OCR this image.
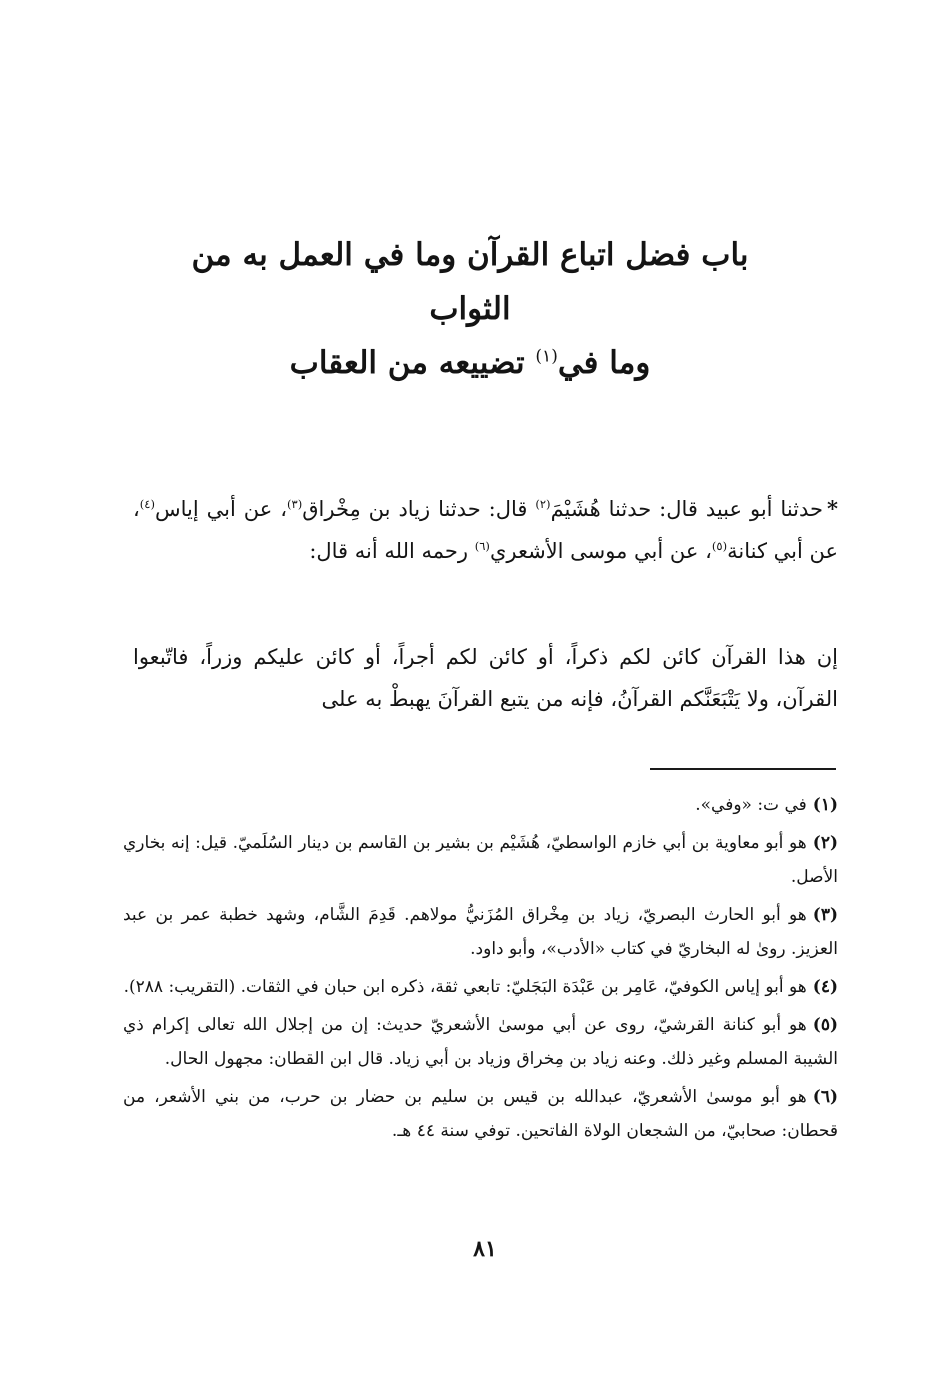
باب فضل اتباع القرآن وما في العمل به من الثواب
وما في$^{(١)}$ تضييعه من العقاب
*حدثنا أبو عبيد قال: حدثنا هُشَيْمَ$^{(٢)}$ قال: حدثنا زياد بن مِخْراق$^{(٣)}$، عن أبي إياس$^{(٤)}$، عن أبي كنانة$^{(٥)}$، عن أبي موسى الأشعري$^{(٦)}$ رحمه الله أنه قال:
إن هذا القرآن كائن لكم ذكراً، أو كائن لكم أجراً، أو كائن عليكم وزراً، فاتّبعوا القرآن، ولا يَتْبَعَنَّكم القرآنُ، فإنه من يتبع القرآنَ يهبطْ به على
(١)في ت: «وفي».
(٢)هو أبو معاوية بن أبي خازم الواسطيّ، هُشَيْم بن بشير بن القاسم بن دينار السُلَميّ. قيل: إنه بخاري الأصل.
(٣)هو أبو الحارث البصريّ، زياد بن مِخْراق المُزَنيُّ مولاهم. قَدِمَ الشَّام، وشهد خطبة عمر بن عبد العزيز. روىٰ له البخاريّ في كتاب «الأدب»، وأبو داود.
(٤)هو أبو إياس الكوفيّ، عَامِر بن عَبْدَة البَجَليّ: تابعي ثقة، ذكره ابن حبان في الثقات. (التقريب: ٢٨٨).
(٥)هو أبو كنانة القرشيّ، روى عن أبي موسىٰ الأشعريّ حديث: إن من إجلال الله تعالى إكرام ذي الشيبة المسلم وغير ذلك. وعنه زياد بن مِخراق وزياد بن أبي زياد. قال ابن القطان: مجهول الحال.
(٦)هو أبو موسىٰ الأشعريّ، عبدالله بن قيس بن سليم بن حضار بن حرب، من بني الأشعر، من قحطان: صحابيّ، من الشجعان الولاة الفاتحين. توفي سنة ٤٤ هـ.
٨١
